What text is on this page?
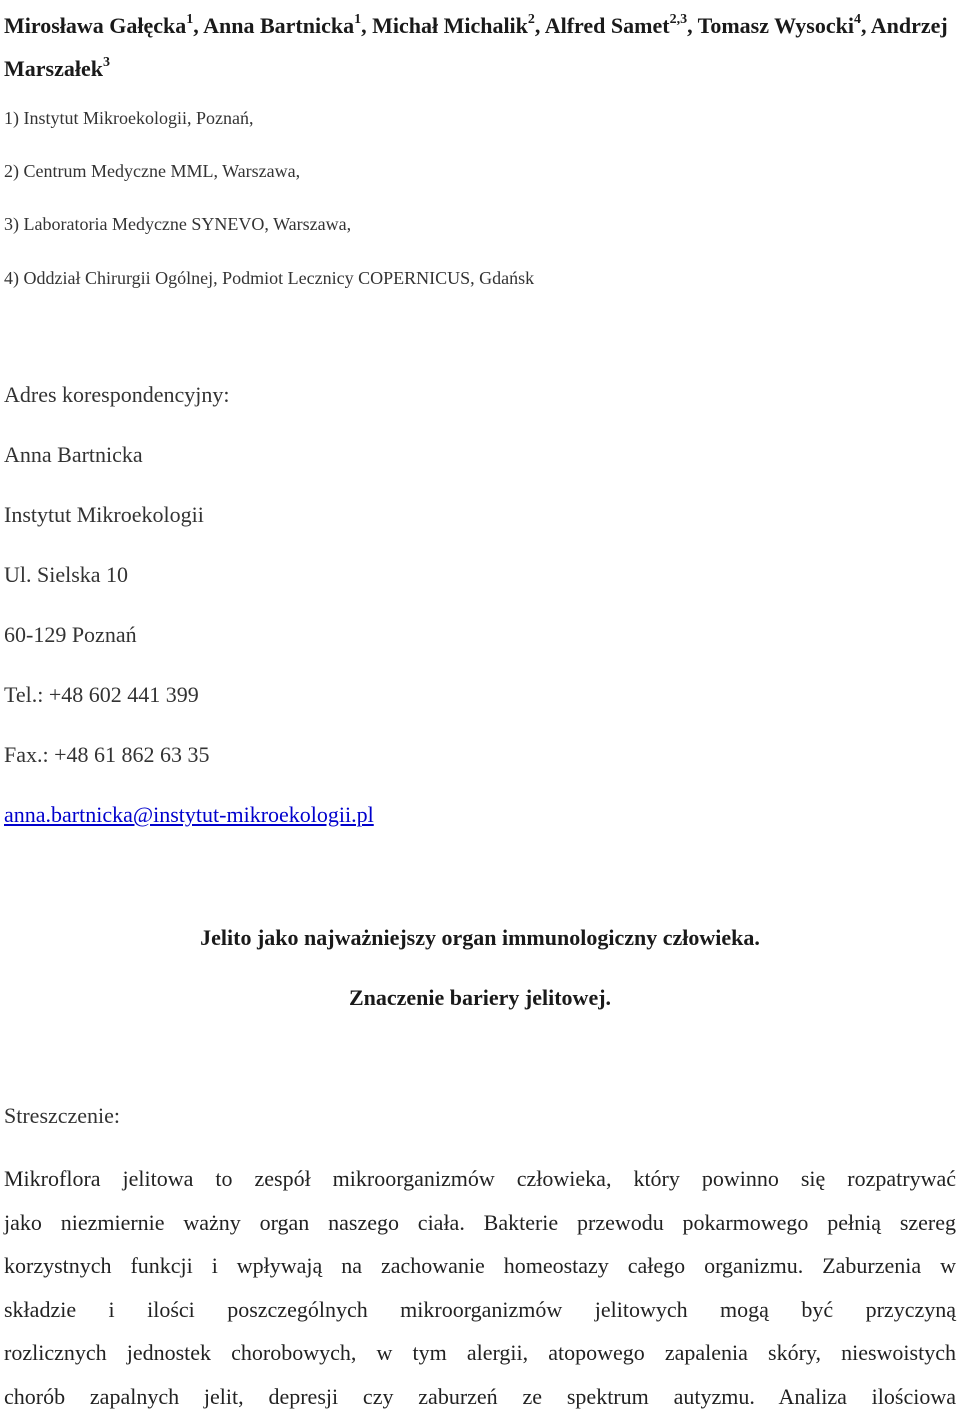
Mirosława Gałęcka$^1$, Anna Bartnicka$^1$, Michał Michalik$^2$, Alfred Samet$^{2,3}$, Tomasz Wysocki$^4$, Andrzej Marszałek$^3$
1) Instytut Mikroekologii, Poznań,
2) Centrum Medyczne MML, Warszawa,
3) Laboratoria Medyczne SYNEVO, Warszawa,
4) Oddział Chirurgii Ogólnej, Podmiot Lecznicy COPERNICUS, Gdańsk
Adres korespondencyjny:
Anna Bartnicka
Instytut Mikroekologii
Ul. Sielska 10
60-129 Poznań
Tel.: +48 602 441 399
Fax.: +48 61 862 63 35
anna.bartnicka@instytut-mikroekologii.pl
Jelito jako najważniejszy organ immunologiczny człowieka.
Znaczenie bariery jelitowej.
Streszczenie:
Mikroflora jelitowa to zespół mikroorganizmów człowieka, który powinno się rozpatrywać
jako niezmiernie ważny organ naszego ciała. Bakterie przewodu pokarmowego pełnią szereg
korzystnych funkcji i wpływają na zachowanie homeostazy całego organizmu. Zaburzenia w
składzie i ilości poszczególnych mikroorganizmów jelitowych mogą być przyczyną
rozlicznych jednostek chorobowych, w tym alergii, atopowego zapalenia skóry, nieswoistych
chorób zapalnych jelit, depresji czy zaburzeń ze spektrum autyzmu. Analiza ilościowa
